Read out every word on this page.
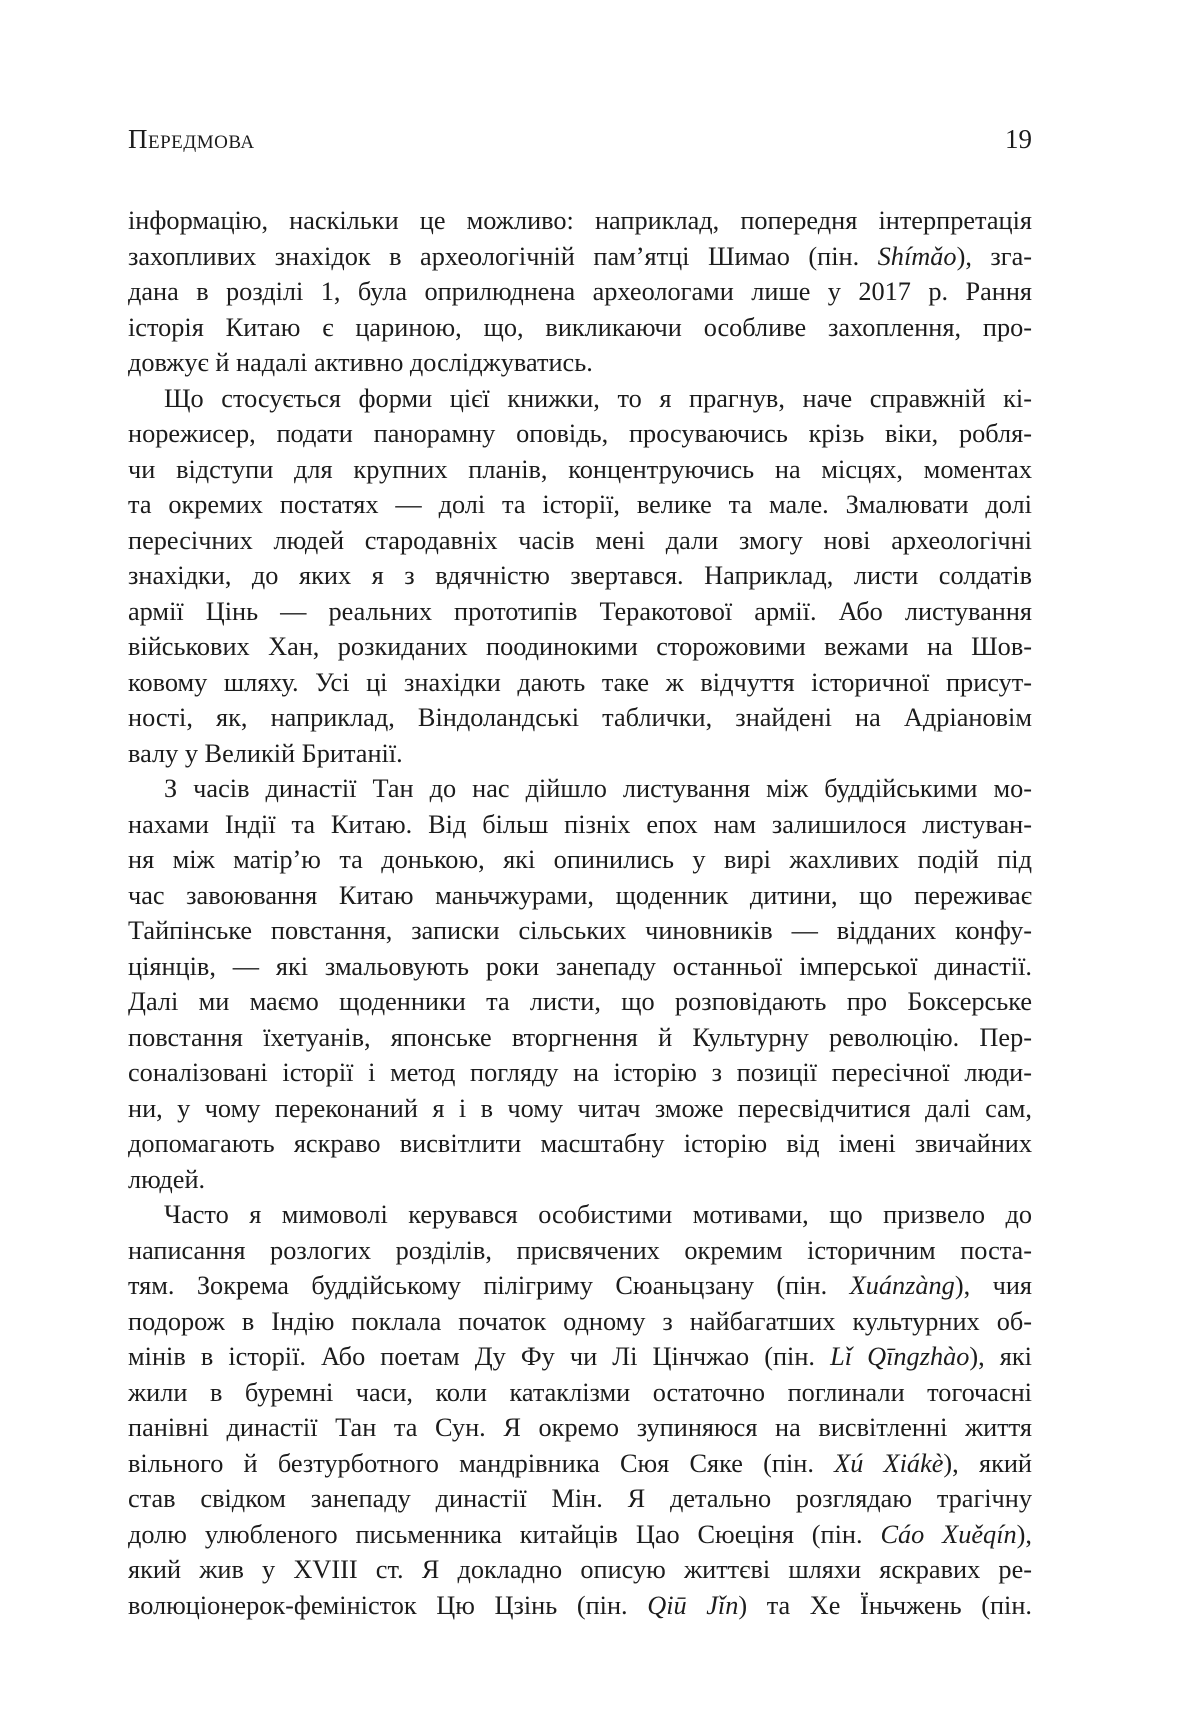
Передмова	19
інформацію, наскільки це можливо: наприклад, попередня інтерпретація
захопливих знахідок в археологічній пам’ятці Шимао (пін. Shímǎo), зга-
дана в розділі 1, була оприлюднена археологами лише у 2017 р. Рання
історія Китаю є цариною, що, викликаючи особливе захоплення, про-
довжує й надалі активно досліджуватись.
Що стосується форми цієї книжки, то я прагнув, наче справжній кі-
норежисер, подати панорамну оповідь, просуваючись крізь віки, робля-
чи відступи для крупних планів, концентруючись на місцях, моментах
та окремих постатях — долі та історії, велике та мале. Змалювати долі
пересічних людей стародавніх часів мені дали змогу нові археологічні
знахідки, до яких я з вдячністю звертався. Наприклад, листи солдатів
армії Цінь — реальних прототипів Теракотової армії. Або листування
військових Хан, розкиданих поодинокими сторожовими вежами на Шов-
ковому шляху. Усі ці знахідки дають таке ж відчуття історичної присут-
ності, як, наприклад, Віндоландські таблички, знайдені на Адріановім
валу у Великій Британії.
З часів династії Тан до нас дійшло листування між буддійськими мо-
нахами Індії та Китаю. Від більш пізніх епох нам залишилося листуван-
ня між матір’ю та донькою, які опинились у вирі жахливих подій під
час завоювання Китаю маньчжурами, щоденник дитини, що переживає
Тайпінське повстання, записки сільських чиновників — відданих конфу-
ціянців, — які змальовують роки занепаду останньої імперської династії.
Далі ми маємо щоденники та листи, що розповідають про Боксерське
повстання їхетуанів, японське вторгнення й Культурну революцію. Пер-
соналізовані історії і метод погляду на історію з позиції пересічної люди-
ни, у чому переконаний я і в чому читач зможе пересвідчитися далі сам,
допомагають яскраво висвітлити масштабну історію від імені звичайних
людей.
Часто я мимоволі керувався особистими мотивами, що призвело до
написання розлогих розділів, присвячених окремим історичним поста-
тям. Зокрема буддійському пілігриму Сюаньцзану (пін. Xuánzàng), чия
подорож в Індію поклала початок одному з найбагатших культурних об-
мінів в історії. Або поетам Ду Фу чи Лі Цінчжао (пін. Lǐ Qīngzhào), які
жили в буремні часи, коли катаклізми остаточно поглинали тогочасні
панівні династії Тан та Сун. Я окремо зупиняюся на висвітленні життя
вільного й безтурботного мандрівника Сюя Сяке (пін. Xú Xiákè), який
став свідком занепаду династії Мін. Я детально розглядаю трагічну
долю улюбленого письменника китайців Цао Сюеціня (пін. Cáo Xuěqín),
який жив у XVIII ст. Я докладно описую життєві шляхи яскравих ре-
волюціонерок-феміністок Цю Цзінь (пін. Qiū Jǐn) та Хе Їньчжень (пін.
